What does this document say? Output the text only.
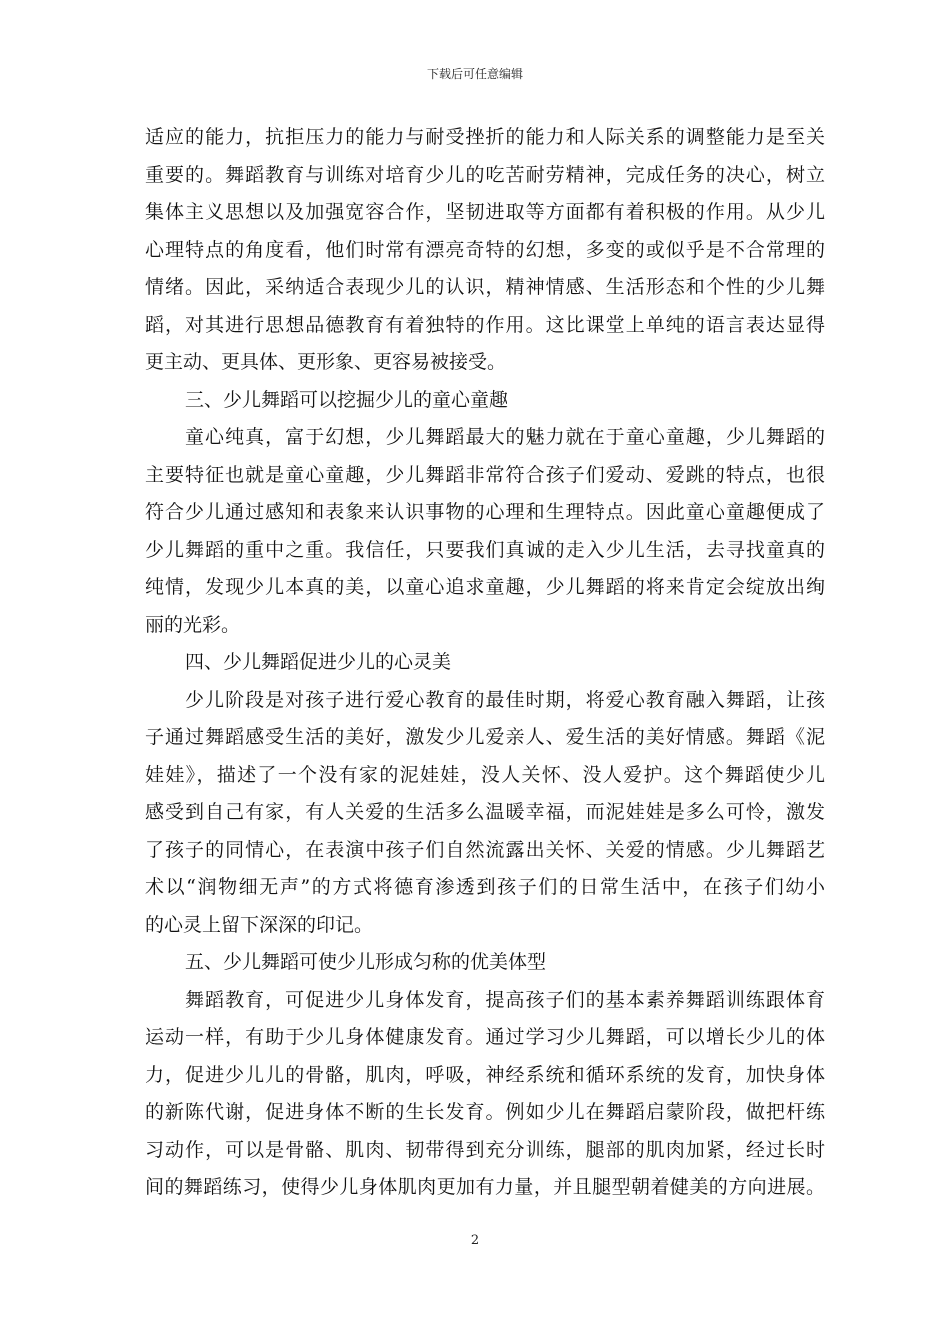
下载后可任意编辑
适应的能力，抗拒压力的能力与耐受挫折的能力和人际关系的调整能力是至关
重要的。舞蹈教育与训练对培育少儿的吃苦耐劳精神，完成任务的决心，树立
集体主义思想以及加强宽容合作，坚韧进取等方面都有着积极的作用。从少儿
心理特点的角度看，他们时常有漂亮奇特的幻想，多变的或似乎是不合常理的
情绪。因此，采纳适合表现少儿的认识，精神情感、生活形态和个性的少儿舞
蹈，对其进行思想品德教育有着独特的作用。这比课堂上单纯的语言表达显得
更主动、更具体、更形象、更容易被接受。
三、少儿舞蹈可以挖掘少儿的童心童趣
童心纯真，富于幻想，少儿舞蹈最大的魅力就在于童心童趣，少儿舞蹈的
主要特征也就是童心童趣，少儿舞蹈非常符合孩子们爱动、爱跳的特点，也很
符合少儿通过感知和表象来认识事物的心理和生理特点。因此童心童趣便成了
少儿舞蹈的重中之重。我信任，只要我们真诚的走入少儿生活，去寻找童真的
纯情，发现少儿本真的美，以童心追求童趣，少儿舞蹈的将来肯定会绽放出绚
丽的光彩。
四、少儿舞蹈促进少儿的心灵美
少儿阶段是对孩子进行爱心教育的最佳时期，将爱心教育融入舞蹈，让孩
子通过舞蹈感受生活的美好，激发少儿爱亲人、爱生活的美好情感。舞蹈《泥
娃娃》，描述了一个没有家的泥娃娃，没人关怀、没人爱护。这个舞蹈使少儿
感受到自己有家，有人关爱的生活多么温暖幸福，而泥娃娃是多么可怜，激发
了孩子的同情心，在表演中孩子们自然流露出关怀、关爱的情感。少儿舞蹈艺
术以“润物细无声”的方式将德育渗透到孩子们的日常生活中，在孩子们幼小
的心灵上留下深深的印记。
五、少儿舞蹈可使少儿形成匀称的优美体型
舞蹈教育，可促进少儿身体发育，提高孩子们的基本素养舞蹈训练跟体育
运动一样，有助于少儿身体健康发育。通过学习少儿舞蹈，可以增长少儿的体
力，促进少儿儿的骨骼，肌肉，呼吸，神经系统和循环系统的发育，加快身体
的新陈代谢，促进身体不断的生长发育。例如少儿在舞蹈启蒙阶段，做把杆练
习动作，可以是骨骼、肌肉、韧带得到充分训练，腿部的肌肉加紧，经过长时
间的舞蹈练习，使得少儿身体肌肉更加有力量，并且腿型朝着健美的方向进展。
2
